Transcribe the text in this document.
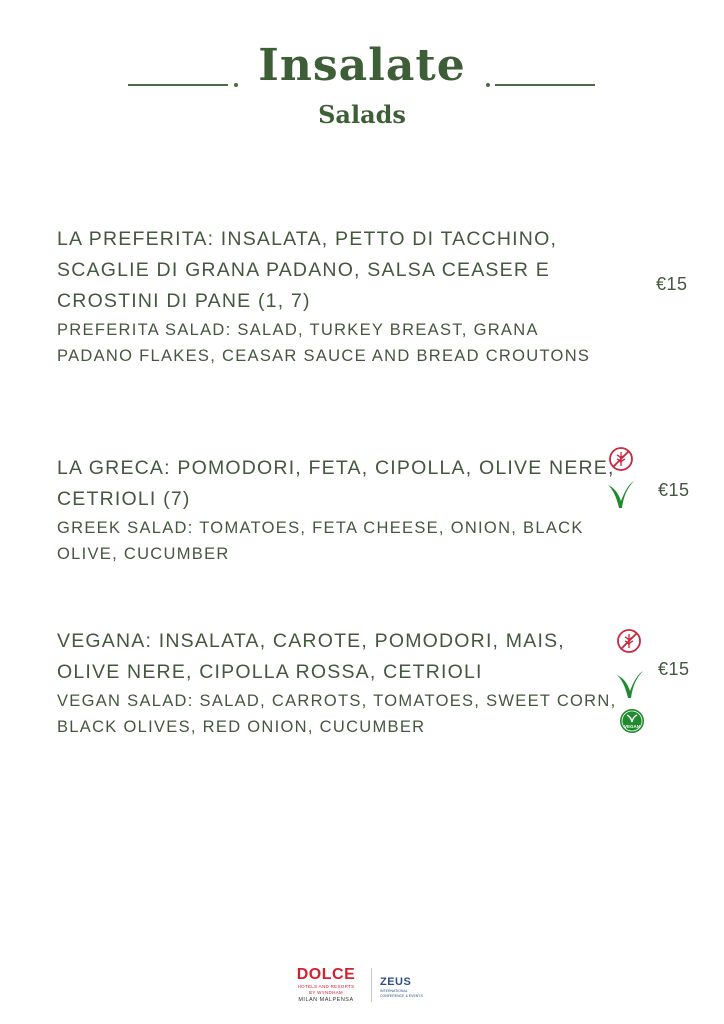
Insalate
Salads
LA PREFERITA: INSALATA, PETTO DI TACCHINO, SCAGLIE DI GRANA PADANO, SALSA CEASER E CROSTINI DI PANE (1, 7)
PREFERITA SALAD: SALAD, TURKEY BREAST, GRANA PADANO FLAKES, CEASAR SAUCE AND BREAD CROUTONS
€15
LA GRECA: POMODORI, FETA, CIPOLLA, OLIVE NERE, CETRIOLI (7)
GREEK SALAD: TOMATOES, FETA CHEESE, ONION, BLACK OLIVE, CUCUMBER
€15
VEGANA: INSALATA, CAROTE, POMODORI, MAIS, OLIVE NERE, CIPOLLA ROSSA, CETRIOLI
VEGAN SALAD: SALAD, CARROTS, TOMATOES, SWEET CORN, BLACK OLIVES, RED ONION, CUCUMBER	VEGAN
€15
DOLCE
HOTELS AND RESORTS BY WYNDHAM
MILAN MALPENSA
ZEUS
INTERNATIONAL CONFERENCE & EVENTS
